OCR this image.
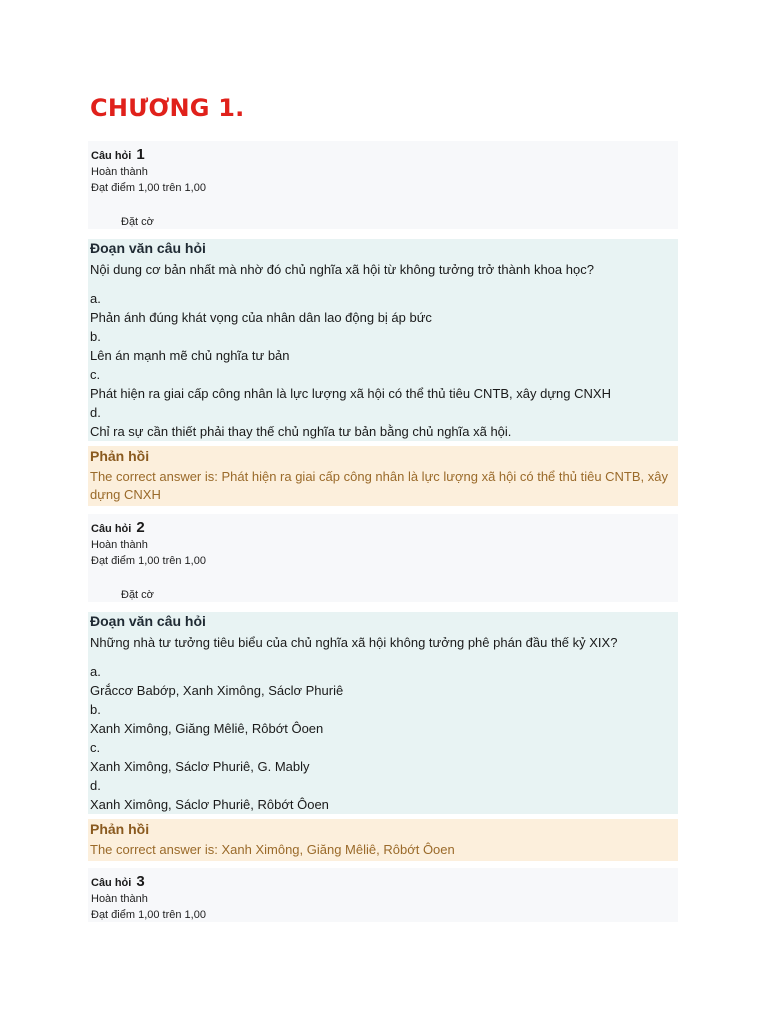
CHƯƠNG 1.
Câu hỏi 1
Hoàn thành
Đạt điểm 1,00 trên 1,00
Đặt cờ
Đoạn văn câu hỏi
Nội dung cơ bản nhất mà nhờ đó chủ nghĩa xã hội từ không tưởng trở thành khoa học?
a.
Phản ánh đúng khát vọng của nhân dân lao động bị áp bức
b.
Lên án mạnh mẽ chủ nghĩa tư bản
c.
Phát hiện ra giai cấp công nhân là lực lượng xã hội có thể thủ tiêu CNTB, xây dựng CNXH
d.
Chỉ ra sự cần thiết phải thay thế chủ nghĩa tư bản bằng chủ nghĩa xã hội.
Phản hồi
The correct answer is: Phát hiện ra giai cấp công nhân là lực lượng xã hội có thể thủ tiêu CNTB, xây dựng CNXH
Câu hỏi 2
Hoàn thành
Đạt điểm 1,00 trên 1,00
Đặt cờ
Đoạn văn câu hỏi
Những nhà tư tưởng tiêu biểu của chủ nghĩa xã hội không tưởng phê phán đầu thế kỷ XIX?
a.
Grắccơ Babớp, Xanh Ximông, Sáclơ Phuriê
b.
Xanh Ximông, Giăng Mêliê, Rôbớt Ôoen
c.
Xanh Ximông, Sáclơ Phuriê, G. Mably
d.
Xanh Ximông, Sáclơ Phuriê, Rôbớt Ôoen
Phản hồi
The correct answer is: Xanh Ximông, Giăng Mêliê, Rôbớt Ôoen
Câu hỏi 3
Hoàn thành
Đạt điểm 1,00 trên 1,00
